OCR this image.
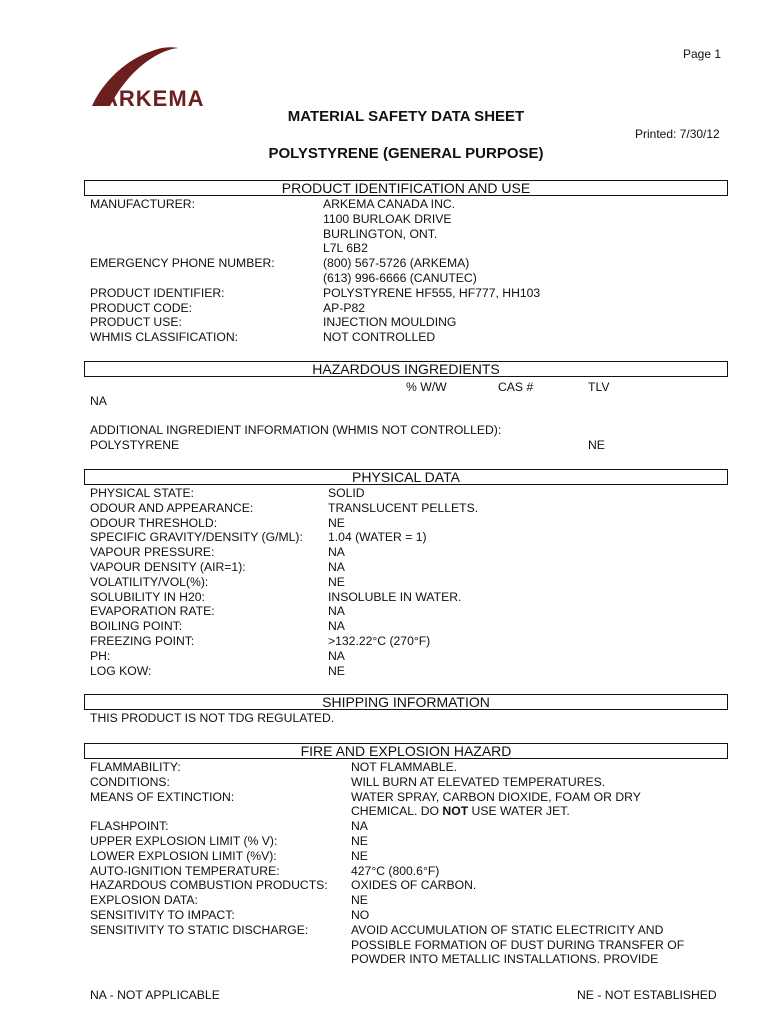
Page 1
ARKEMA
MATERIAL SAFETY DATA SHEET
Printed: 7/30/12
POLYSTYRENE (GENERAL PURPOSE)
PRODUCT IDENTIFICATION AND USE
MANUFACTURER:	ARKEMA CANADA INC.
1100 BURLOAK DRIVE
BURLINGTON, ONT.
L7L 6B2
EMERGENCY PHONE NUMBER:	(800) 567-5726 (ARKEMA)
(613) 996-6666 (CANUTEC)
PRODUCT IDENTIFIER:	POLYSTYRENE HF555, HF777, HH103
PRODUCT CODE:	AP-P82
PRODUCT USE:	INJECTION MOULDING
WHMIS CLASSIFICATION:	NOT CONTROLLED
HAZARDOUS INGREDIENTS
% W/W	CAS #	TLV
NA
ADDITIONAL INGREDIENT INFORMATION (WHMIS NOT CONTROLLED):
POLYSTYRENE	NE
PHYSICAL DATA
PHYSICAL STATE:	SOLID
ODOUR AND APPEARANCE:	TRANSLUCENT PELLETS.
ODOUR THRESHOLD:	NE
SPECIFIC GRAVITY/DENSITY (G/ML): 1.04 (WATER = 1)
VAPOUR PRESSURE:	NA
VAPOUR DENSITY (AIR=1):	NA
VOLATILITY/VOL(%):	NE
SOLUBILITY IN H20:	INSOLUBLE IN WATER.
EVAPORATION RATE:	NA
BOILING POINT:	NA
FREEZING POINT:	>132.22°C (270°F)
PH:	NA
LOG KOW:	NE
SHIPPING INFORMATION
THIS PRODUCT IS NOT TDG REGULATED.
FIRE AND EXPLOSION HAZARD
FLAMMABILITY:	NOT FLAMMABLE.
CONDITIONS:	WILL BURN AT ELEVATED TEMPERATURES.
MEANS OF EXTINCTION:	WATER SPRAY, CARBON DIOXIDE, FOAM OR DRY
CHEMICAL. DO NOT USE WATER JET.
FLASHPOINT:	NA
UPPER EXPLOSION LIMIT (% V):	NE
LOWER EXPLOSION LIMIT (%V):	NE
AUTO-IGNITION TEMPERATURE:	427°C (800.6°F)
HAZARDOUS COMBUSTION PRODUCTS: OXIDES OF CARBON.
EXPLOSION DATA:	NE
SENSITIVITY TO IMPACT:	NO
SENSITIVITY TO STATIC DISCHARGE:	AVOID ACCUMULATION OF STATIC ELECTRICITY AND
POSSIBLE FORMATION OF DUST DURING TRANSFER OF
POWDER INTO METALLIC INSTALLATIONS. PROVIDE
NA - NOT APPLICABLE	NE - NOT ESTABLISHED
